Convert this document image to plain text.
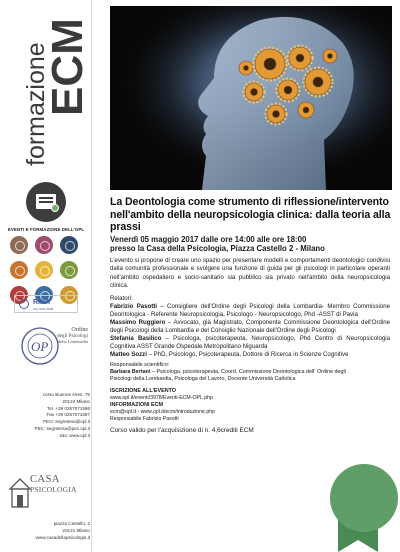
formazione
ECM
EVENTI E FORMAZIONE DELL'OPL
RINA
ISO 9001:2008
OP
Ordine
degli Psicologi
della Lombardia
corso Buenos Aires, 75
20124 Milano
Tel. +39 0267071596
Fax +39 0267071597
PEO: segreteria@opl.it
PEC: segreteria@pec.opl.it
sito: www.opl.it
CASA
PSICOLOGIA
piazza Castello, 2
20121 Milano
www.casadellapsicologia.it
La Deontologia come strumento di riflessione/intervento nell'ambito della neuropsicologia clinica: dalla teoria alla prassi
Venerdì 05 maggio 2017 dalle ore 14:00 alle ore 18:00
presso la Casa della Psicologia, Piazza Castello 2 - Milano
L'evento si propone di creare uno spazio per presentare modelli e comportamenti deontologici condivisi dalla comunità professionale e svolgere una funzione di guida per gli psicologi in particolare operanti nell'ambito ospedaliero e socio-sanitario sia pubblico sia privato nell'ambito della neuropsicologia clinica.
Relatori:
Fabrizio Pasotti – Consigliere dell'Ordine degli Psicologi della Lombardia- Membro Commissione Deontologica - Referente Neuropsicologia, Psicologo - Neuropsicologo, Phd -ASST di Pavia
Massimo Ruggiero – Avvocato, già Magistrato, Componente Commissione Deontologica dell'Ordine degli Psicologi della Lombardia e del Consiglio Nazionale dell'Ordine degli Psicologi
Stefania Basilico – Psicologa, psicoterapeuta, Neuropsicologo, Phd Centro di Neuropsicologia Cognitiva ASST Grande Ospedale Metropolitano Niguarda
Matteo Sozzi – PhD, Psicologo, Psicoterapeuta, Dottore di Ricerca in Scienze Cognitive
Responsabile scientifico:
Barbara Bertani – Psicologa, psicoterapeuta, Coord. Commissione Deontologica dell' Ordine degli Psicologi della Lombardia, Psicologa del Lavoro, Docente Università Cattolica
ISCRIZIONE ALL'EVENTO
www.opl.it/eventi/3978/Eventi-ECM-OPL.php
INFORMAZIONI ECM
ecm@opl.it - www.opl.it/ecm/introduzione.php
Responsabile Fabrizio Pasotti
Corso valido per l'acquisizione di n. 4,6crediti ECM
